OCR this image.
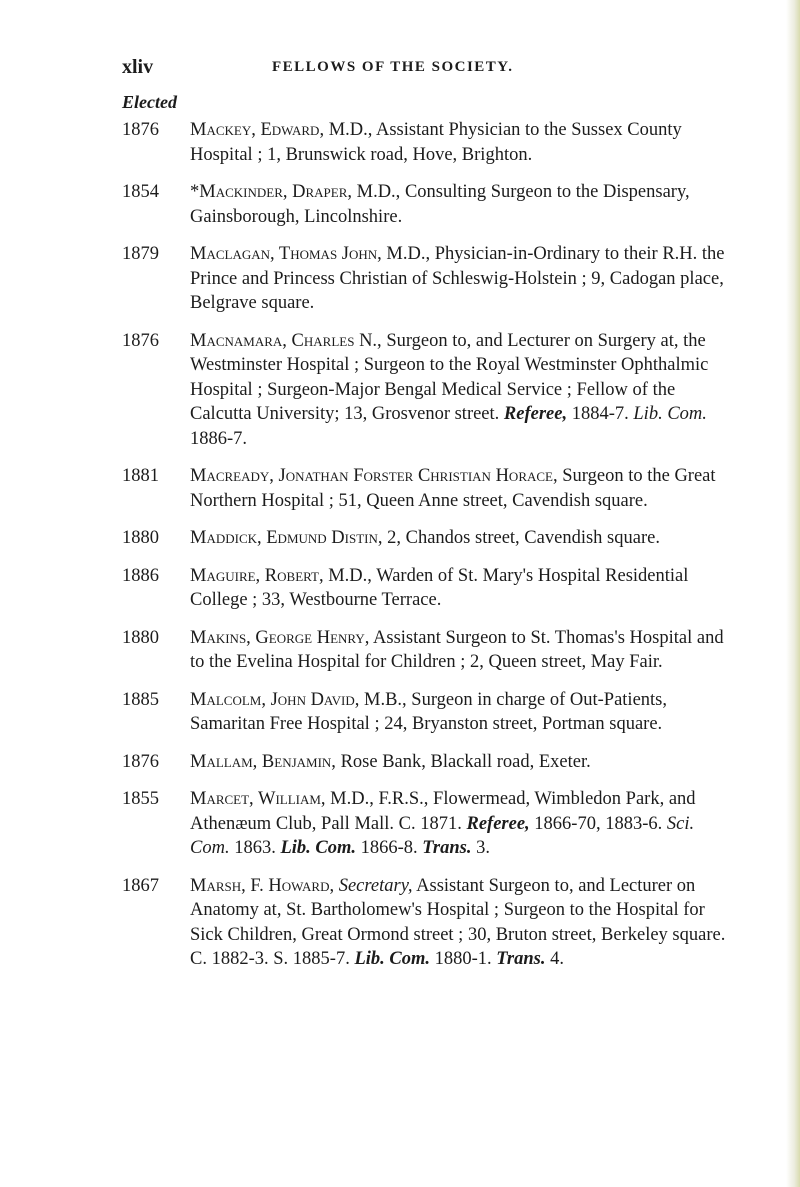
xliv	FELLOWS OF THE SOCIETY.
Elected
1876	Mackey, Edward, M.D., Assistant Physician to the Sussex County Hospital ; 1, Brunswick road, Hove, Brighton.
1854	*Mackinder, Draper, M.D., Consulting Surgeon to the Dispensary, Gainsborough, Lincolnshire.
1879	Maclagan, Thomas John, M.D., Physician-in-Ordinary to their R.H. the Prince and Princess Christian of Schleswig-Holstein ; 9, Cadogan place, Belgrave square.
1876	Macnamara, Charles N., Surgeon to, and Lecturer on Surgery at, the Westminster Hospital ; Surgeon to the Royal Westminster Ophthalmic Hospital ; Surgeon-Major Bengal Medical Service ; Fellow of the Calcutta University; 13, Grosvenor street. Referee, 1884-7. Lib. Com. 1886-7.
1881	Macready, Jonathan Forster Christian Horace, Surgeon to the Great Northern Hospital ; 51, Queen Anne street, Cavendish square.
1880	Maddick, Edmund Distin, 2, Chandos street, Cavendish square.
1886	Maguire, Robert, M.D., Warden of St. Mary's Hospital Residential College ; 33, Westbourne Terrace.
1880	Makins, George Henry, Assistant Surgeon to St. Thomas's Hospital and to the Evelina Hospital for Children ; 2, Queen street, May Fair.
1885	Malcolm, John David, M.B., Surgeon in charge of Out-Patients, Samaritan Free Hospital ; 24, Bryanston street, Portman square.
1876	Mallam, Benjamin, Rose Bank, Blackall road, Exeter.
1855	Marcet, William, M.D., F.R.S., Flowermead, Wimbledon Park, and Athenæum Club, Pall Mall. C. 1871. Referee, 1866-70, 1883-6. Sci. Com. 1863. Lib. Com. 1866-8. Trans. 3.
1867	Marsh, F. Howard, Secretary, Assistant Surgeon to, and Lecturer on Anatomy at, St. Bartholomew's Hospital ; Surgeon to the Hospital for Sick Children, Great Ormond street ; 30, Bruton street, Berkeley square. C. 1882-3. S. 1885-7. Lib. Com. 1880-1. Trans. 4.
